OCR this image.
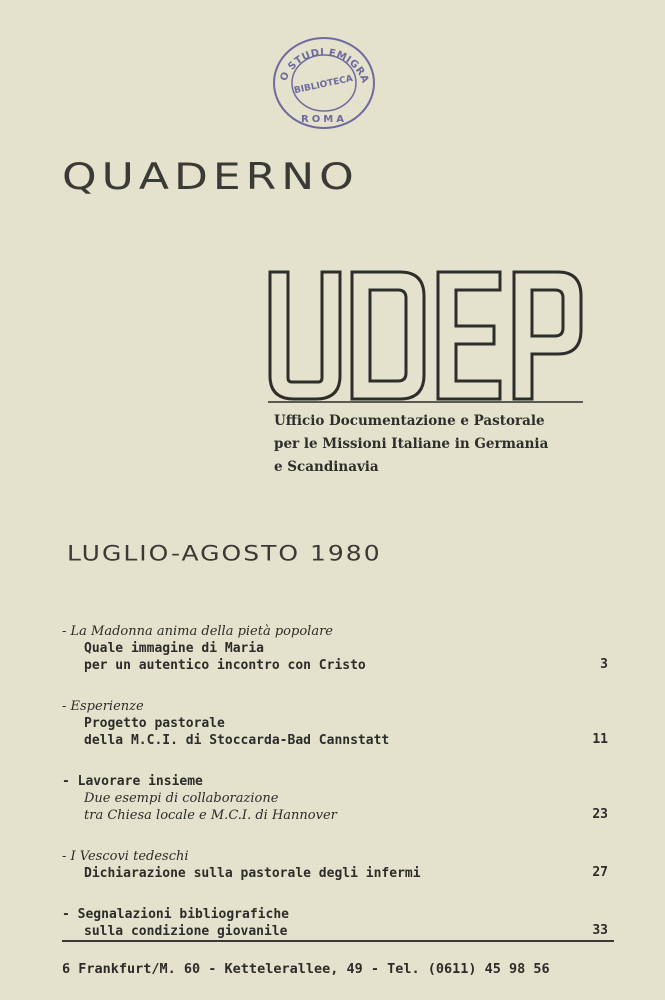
O STUDI EMIGRA
BIBLIOTECA
ROMA
QUADERNO
Ufficio Documentazione e Pastorale
per le Missioni Italiane in Germania
e Scandinavia
LUGLIO-AGOSTO 1980
- La Madonna anima della pietà popolare
Quale immagine di Maria
per un autentico incontro con Cristo	3
- Esperienze
Progetto pastorale
della M.C.I. di Stoccarda-Bad Cannstatt	11
- Lavorare insieme
Due esempi di collaborazione
tra Chiesa locale e M.C.I. di Hannover	23
- I Vescovi tedeschi
Dichiarazione sulla pastorale degli infermi	27
- Segnalazioni bibliografiche
sulla condizione giovanile	33
6 Frankfurt/M. 60 - Kettelerallee, 49 - Tel. (0611) 45 98 56
